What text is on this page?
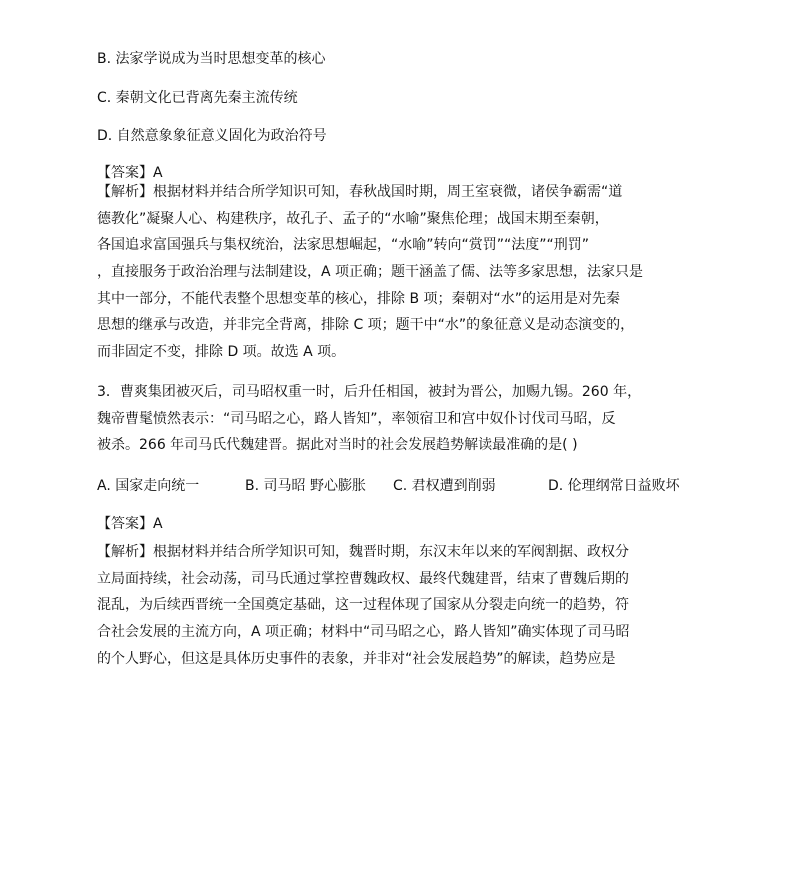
B. 法家学说成为当时思想变革的核心
C. 秦朝文化已背离先秦主流传统
D. 自然意象象征意义固化为政治符号
【答案】A
【解析】根据材料并结合所学知识可知，春秋战国时期，周王室衰微，诸侯争霸需“道
德教化”凝聚人心、构建秩序，故孔子、孟子的“水喻”聚焦伦理；战国末期至秦朝，
各国追求富国强兵与集权统治，法家思想崛起，“水喻”转向“赏罚”“法度”“刑罚”
，直接服务于政治治理与法制建设，A 项正确；题干涵盖了儒、法等多家思想，法家只是
其中一部分，不能代表整个思想变革的核心，排除 B 项；秦朝对“水”的运用是对先秦
思想的继承与改造，并非完全背离，排除 C 项；题干中“水”的象征意义是动态演变的，
而非固定不变，排除 D 项。故选 A 项。
3．曹爽集团被灭后，司马昭权重一时，后升任相国，被封为晋公，加赐九锡。260 年，
魏帝曹髦愤然表示：“司马昭之心，路人皆知”，率领宿卫和宫中奴仆讨伐司马昭，反
被杀。266 年司马氏代魏建晋。据此对当时的社会发展趋势解读最准确的是( )
A. 国家走向统一	B. 司马昭 野心膨胀 C. 君权遭到削弱	D. 伦理纲常日益败坏
【答案】A
【解析】根据材料并结合所学知识可知，魏晋时期，东汉末年以来的军阀割据、政权分
立局面持续，社会动荡，司马氏通过掌控曹魏政权、最终代魏建晋，结束了曹魏后期的
混乱，为后续西晋统一全国奠定基础，这一过程体现了国家从分裂走向统一的趋势，符
合社会发展的主流方向，A 项正确；材料中“司马昭之心，路人皆知”确实体现了司马昭
的个人野心，但这是具体历史事件的表象，并非对“社会发展趋势”的解读，趋势应是
